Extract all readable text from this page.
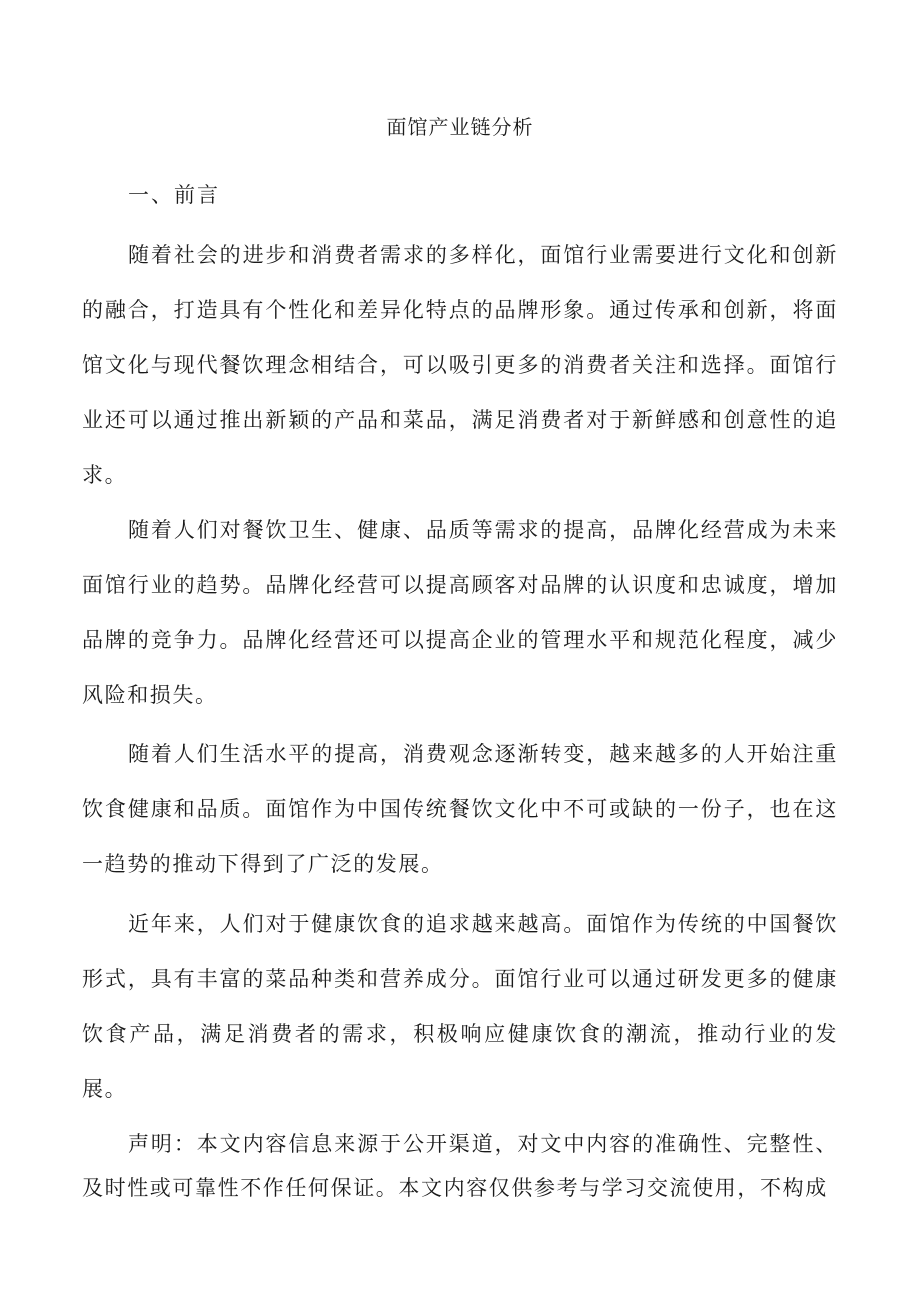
面馆产业链分析
一、前言

随着社会的进步和消费者需求的多样化，面馆行业需要进行文化和创新的融合，打造具有个性化和差异化特点的品牌形象。通过传承和创新，将面馆文化与现代餐饮理念相结合，可以吸引更多的消费者关注和选择。面馆行业还可以通过推出新颖的产品和菜品，满足消费者对于新鲜感和创意性的追求。

随着人们对餐饮卫生、健康、品质等需求的提高，品牌化经营成为未来面馆行业的趋势。品牌化经营可以提高顾客对品牌的认识度和忠诚度，增加品牌的竞争力。品牌化经营还可以提高企业的管理水平和规范化程度，减少风险和损失。

随着人们生活水平的提高，消费观念逐渐转变，越来越多的人开始注重饮食健康和品质。面馆作为中国传统餐饮文化中不可或缺的一份子，也在这一趋势的推动下得到了广泛的发展。

近年来，人们对于健康饮食的追求越来越高。面馆作为传统的中国餐饮形式，具有丰富的菜品种类和营养成分。面馆行业可以通过研发更多的健康饮食产品，满足消费者的需求，积极响应健康饮食的潮流，推动行业的发展。

声明：本文内容信息来源于公开渠道，对文中内容的准确性、完整性、及时性或可靠性不作任何保证。本文内容仅供参考与学习交流使用，不构成
